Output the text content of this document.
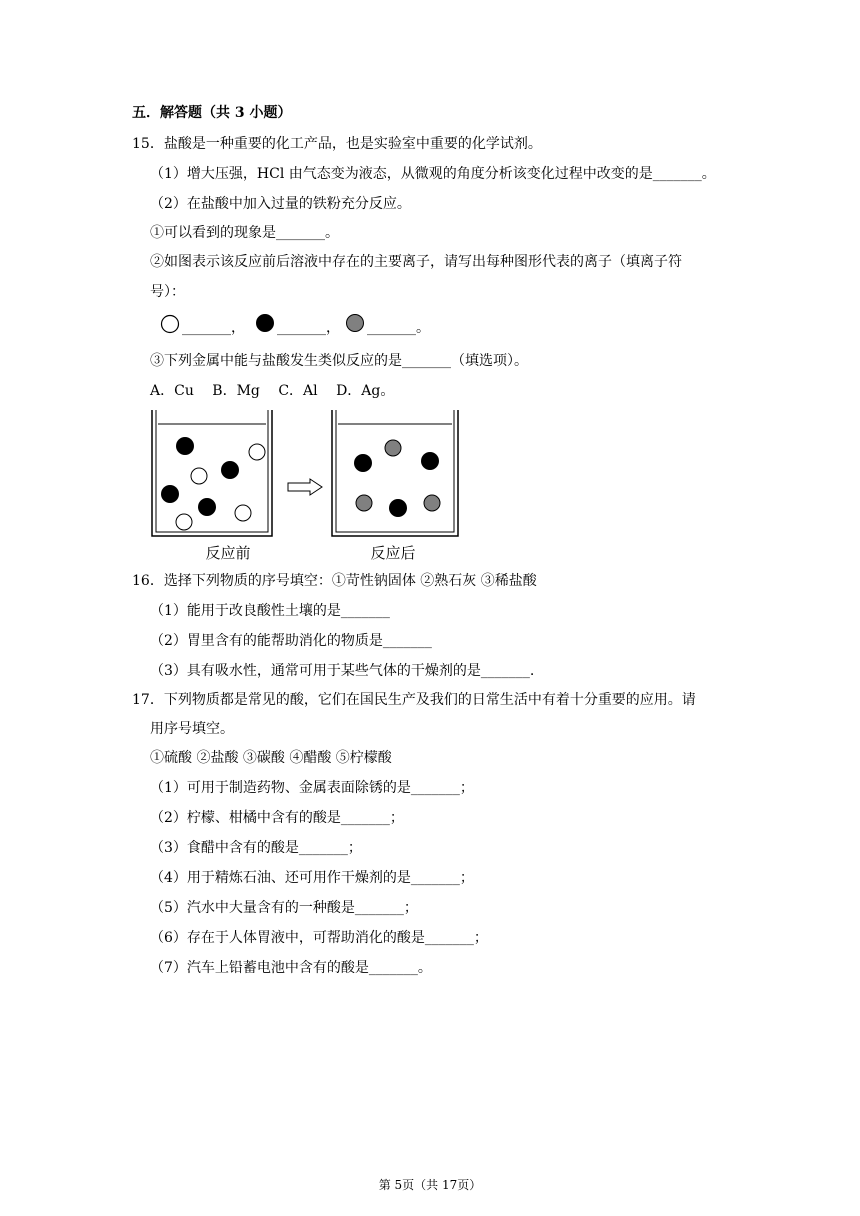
五．解答题（共 3 小题）
15．盐酸是一种重要的化工产品，也是实验室中重要的化学试剂。
（1）增大压强，HCl 由气态变为液态，从微观的角度分析该变化过程中改变的是_______。
（2）在盐酸中加入过量的铁粉充分反应。
①可以看到的现象是_______。
②如图表示该反应前后溶液中存在的主要离子，请写出每种图形代表的离子（填离子符
号）：
_______， _______， _______。
③下列金属中能与盐酸发生类似反应的是_______（填选项）。
A．Cu　 B．Mg　 C．Al　 D．Ag。
反应前	反应后
16．选择下列物质的序号填空：①苛性钠固体 ②熟石灰 ③稀盐酸
（1）能用于改良酸性土壤的是_______
（2）胃里含有的能帮助消化的物质是_______
（3）具有吸水性，通常可用于某些气体的干燥剂的是_______.
17．下列物质都是常见的酸，它们在国民生产及我们的日常生活中有着十分重要的应用。请
用序号填空。
①硫酸 ②盐酸 ③碳酸 ④醋酸 ⑤柠檬酸
（1）可用于制造药物、金属表面除锈的是_______；
（2）柠檬、柑橘中含有的酸是_______；
（3）食醋中含有的酸是_______；
（4）用于精炼石油、还可用作干燥剂的是_______；
（5）汽水中大量含有的一种酸是_______；
（6）存在于人体胃液中，可帮助消化的酸是_______；
（7）汽车上铅蓄电池中含有的酸是_______。
第 5页（共 17页）
